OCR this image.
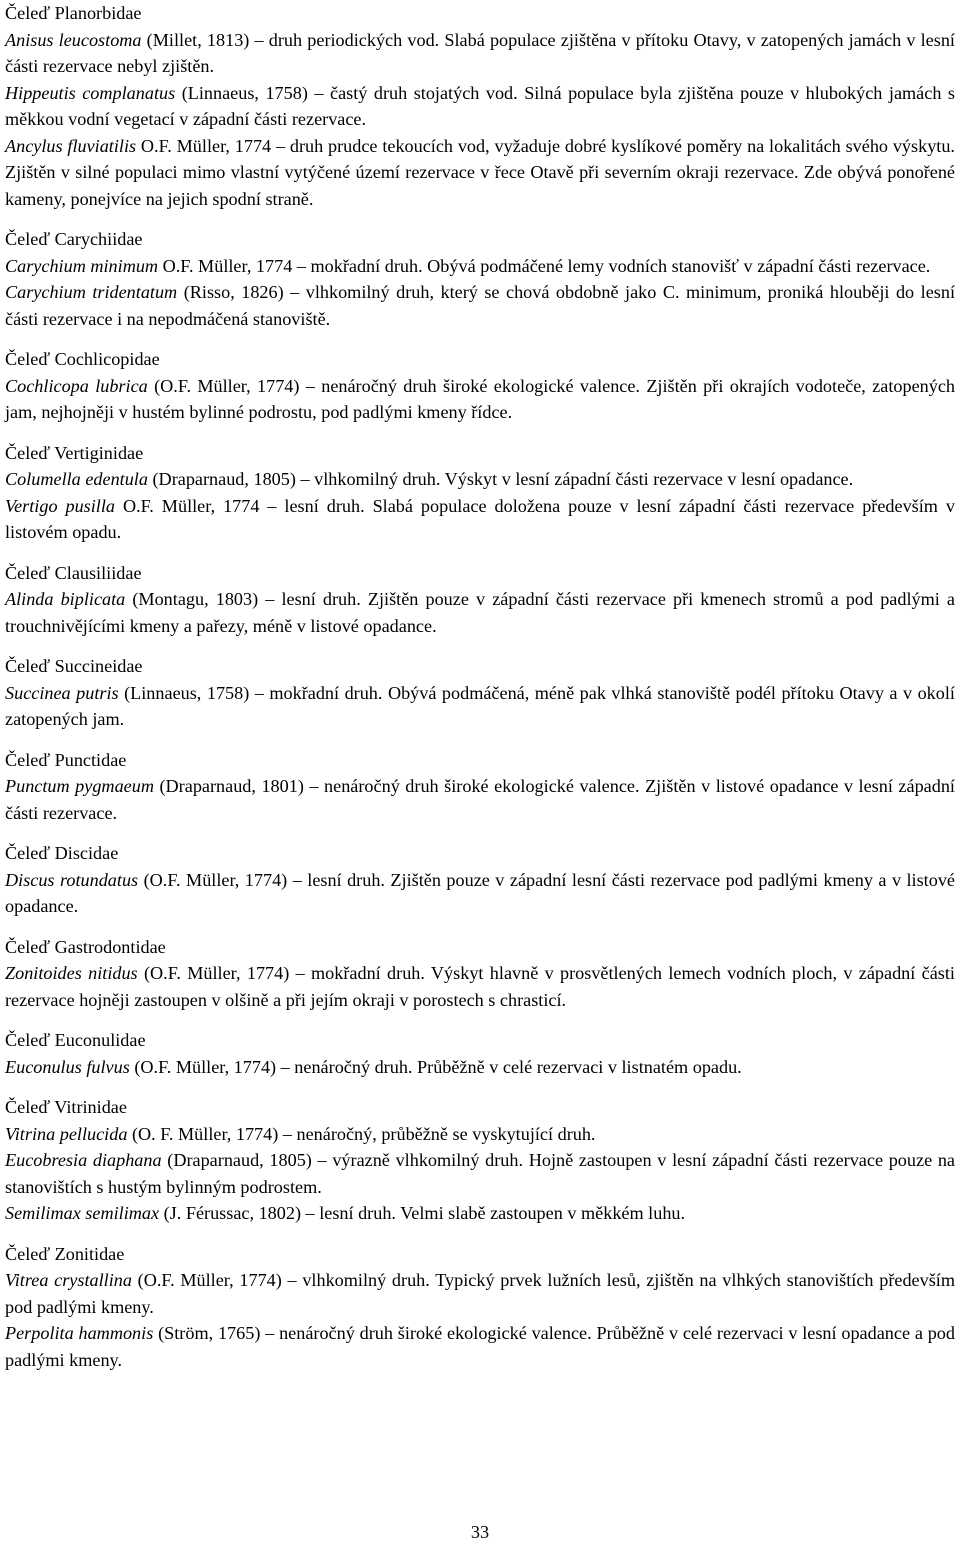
Čeleď Planorbidae

Anisus leucostoma (Millet, 1813) – druh periodických vod. Slabá populace zjištěna v přítoku Otavy, v zatopených jamách v lesní části rezervace nebyl zjištěn.

Hippeutis complanatus (Linnaeus, 1758) – častý druh stojatých vod. Silná populace byla zjištěna pouze v hlubokých jamách s měkkou vodní vegetací v západní části rezervace.

Ancylus fluviatilis O.F. Müller, 1774 – druh prudce tekoucích vod, vyžaduje dobré kyslíkové poměry na lokalitách svého výskytu. Zjištěn v silné populaci mimo vlastní vytýčené území rezervace v řece Otavě při severním okraji rezervace. Zde obývá ponořené kameny, ponejvíce na jejich spodní straně.

Čeleď Carychiidae

Carychium minimum O.F. Müller, 1774 – mokřadní druh. Obývá podmáčené lemy vodních stanovišť v západní části rezervace.

Carychium tridentatum (Risso, 1826) – vlhkomilný druh, který se chová obdobně jako C. minimum, proniká hlouběji do lesní části rezervace i na nepodmáčená stanoviště.

Čeleď Cochlicopidae

Cochlicopa lubrica (O.F. Müller, 1774) – nenáročný druh široké ekologické valence. Zjištěn při okrajích vodoteče, zatopených jam, nejhojněji v hustém bylinné podrostu, pod padlými kmeny řídce.

Čeleď Vertiginidae

Columella edentula (Draparnaud, 1805) – vlhkomilný druh. Výskyt v lesní západní části rezervace v lesní opadance.

Vertigo pusilla O.F. Müller, 1774 – lesní druh. Slabá populace doložena pouze v lesní západní části rezervace především v listovém opadu.

Čeleď Clausiliidae

Alinda biplicata (Montagu, 1803) – lesní druh. Zjištěn pouze v západní části rezervace při kmenech stromů a pod padlými a trouchnivějícími kmeny a pařezy, méně v listové opadance.

Čeleď Succineidae

Succinea putris (Linnaeus, 1758) – mokřadní druh. Obývá podmáčená, méně pak vlhká stanoviště podél přítoku Otavy a v okolí zatopených jam.

Čeleď Punctidae

Punctum pygmaeum (Draparnaud, 1801) – nenáročný druh široké ekologické valence. Zjištěn v listové opadance v lesní západní části rezervace.

Čeleď Discidae

Discus rotundatus (O.F. Müller, 1774) – lesní druh. Zjištěn pouze v západní lesní části rezervace pod padlými kmeny a v listové opadance.

Čeleď Gastrodontidae

Zonitoides nitidus (O.F. Müller, 1774) – mokřadní druh. Výskyt hlavně v prosvětlených lemech vodních ploch, v západní části rezervace hojněji zastoupen v olšině a při jejím okraji v porostech s chrasticí.

Čeleď Euconulidae

Euconulus fulvus (O.F. Müller, 1774) – nenáročný druh. Průběžně v celé rezervaci v listnatém opadu.

Čeleď Vitrinidae

Vitrina pellucida (O. F. Müller, 1774) – nenáročný, průběžně se vyskytující druh.

Eucobresia diaphana (Draparnaud, 1805) – výrazně vlhkomilný druh. Hojně zastoupen v lesní západní části rezervace pouze na stanovištích s hustým bylinným podrostem.

Semilimax semilimax (J. Férussac, 1802) – lesní druh. Velmi slabě zastoupen v měkkém luhu.

Čeleď Zonitidae

Vitrea crystallina (O.F. Müller, 1774) – vlhkomilný druh. Typický prvek lužních lesů, zjištěn na vlhkých stanovištích především pod padlými kmeny.

Perpolita hammonis (Ström, 1765) – nenáročný druh široké ekologické valence. Průběžně v celé rezervaci v lesní opadance a pod padlými kmeny.

33
